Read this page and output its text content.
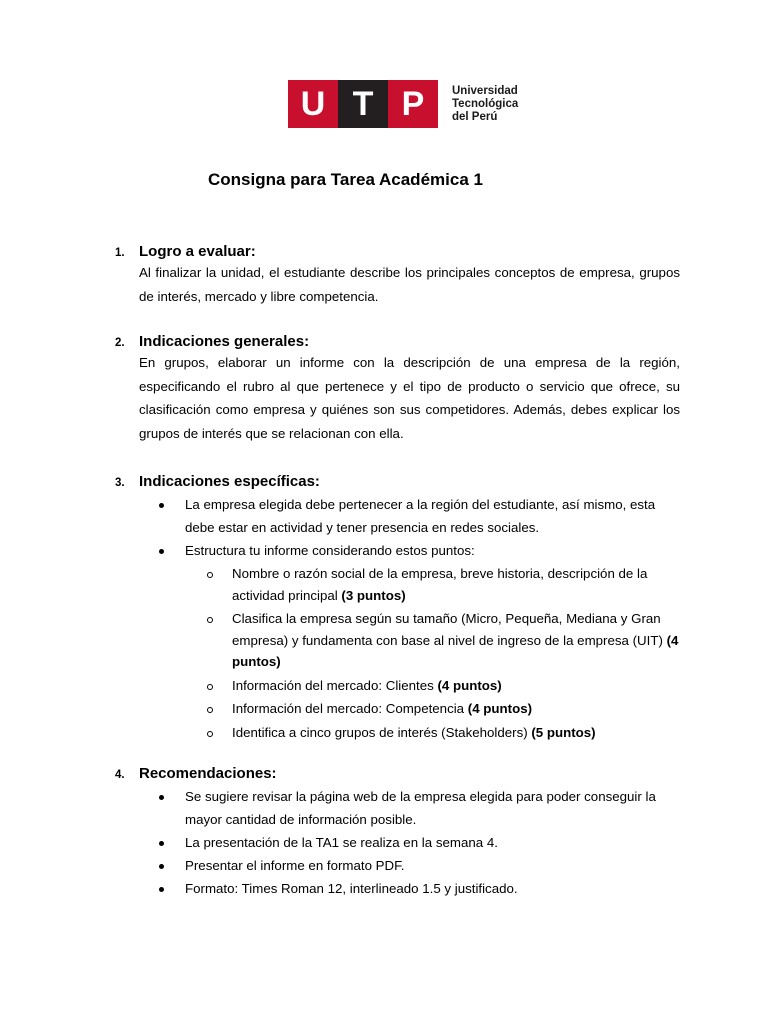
U T P	Universidad
Tecnológica
del Perú
Consigna para Tarea Académica 1
1. Logro a evaluar:
Al finalizar la unidad, el estudiante describe los principales conceptos de empresa, grupos de interés, mercado y libre competencia.
2. Indicaciones generales:
En grupos, elaborar un informe con la descripción de una empresa de la región, especificando el rubro al que pertenece y el tipo de producto o servicio que ofrece, su clasificación como empresa y quiénes son sus competidores. Además, debes explicar los grupos de interés que se relacionan con ella.
3. Indicaciones específicas:
La empresa elegida debe pertenecer a la región del estudiante, así mismo, esta debe estar en actividad y tener presencia en redes sociales.
Estructura tu informe considerando estos puntos:
Nombre o razón social de la empresa, breve historia, descripción de la actividad principal (3 puntos)
Clasifica la empresa según su tamaño (Micro, Pequeña, Mediana y Gran empresa) y fundamenta con base al nivel de ingreso de la empresa (UIT) (4 puntos)
Información del mercado: Clientes (4 puntos)
Información del mercado: Competencia (4 puntos)
Identifica a cinco grupos de interés (Stakeholders) (5 puntos)
4. Recomendaciones:
Se sugiere revisar la página web de la empresa elegida para poder conseguir la mayor cantidad de información posible.
La presentación de la TA1 se realiza en la semana 4.
Presentar el informe en formato PDF.
Formato: Times Roman 12, interlineado 1.5 y justificado.
